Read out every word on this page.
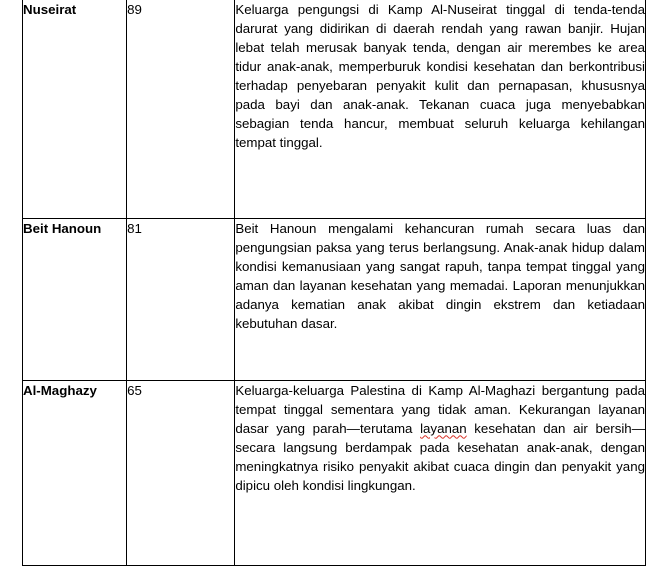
Nuseirat	89	Keluarga pengungsi di Kamp Al-Nuseirat tinggal di tenda-tenda darurat yang didirikan di daerah rendah yang rawan banjir. Hujan lebat telah merusak banyak tenda, dengan air merembes ke area tidur anak-anak, memperburuk kondisi kesehatan dan berkontribusi terhadap penyebaran penyakit kulit dan pernapasan, khususnya pada bayi dan anak-anak. Tekanan cuaca juga menyebabkan sebagian tenda hancur, membuat seluruh keluarga kehilangan tempat tinggal.
Beit Hanoun	81	Beit Hanoun mengalami kehancuran rumah secara luas dan pengungsian paksa yang terus berlangsung. Anak-anak hidup dalam kondisi kemanusiaan yang sangat rapuh, tanpa tempat tinggal yang aman dan layanan kesehatan yang memadai. Laporan menunjukkan adanya kematian anak akibat dingin ekstrem dan ketiadaan kebutuhan dasar.
Al-Maghazy	65	Keluarga-keluarga Palestina di Kamp Al-Maghazi bergantung pada tempat tinggal sementara yang tidak aman. Kekurangan layanan dasar yang parah—terutama layanan kesehatan dan air bersih—secara langsung berdampak pada kesehatan anak-anak, dengan meningkatnya risiko penyakit akibat cuaca dingin dan penyakit yang dipicu oleh kondisi lingkungan.
